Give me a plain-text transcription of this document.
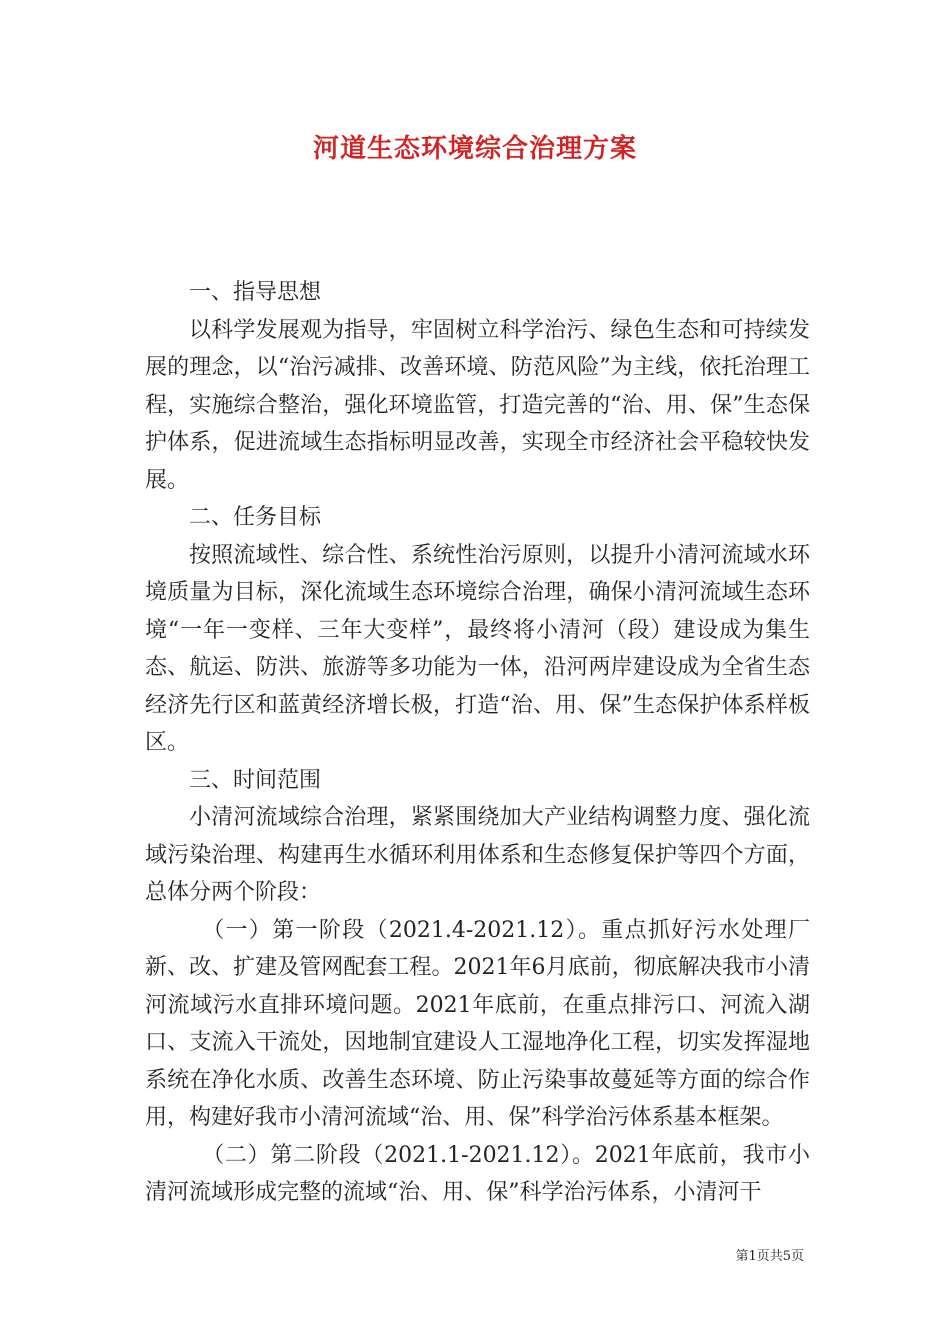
河道生态环境综合治理方案

一、指导思想

以科学发展观为指导，牢固树立科学治污、绿色生态和可持续发展的理念，以“治污减排、改善环境、防范风险”为主线，依托治理工程，实施综合整治，强化环境监管，打造完善的“治、用、保”生态保护体系，促进流域生态指标明显改善，实现全市经济社会平稳较快发展。

二、任务目标

按照流域性、综合性、系统性治污原则，以提升小清河流域水环境质量为目标，深化流域生态环境综合治理，确保小清河流域生态环境“一年一变样、三年大变样”，最终将小清河（段）建设成为集生态、航运、防洪、旅游等多功能为一体，沿河两岸建设成为全省生态经济先行区和蓝黄经济增长极，打造“治、用、保”生态保护体系样板区。

三、时间范围

小清河流域综合治理，紧紧围绕加大产业结构调整力度、强化流域污染治理、构建再生水循环利用体系和生态修复保护等四个方面，总体分两个阶段：

（一）第一阶段（2021.4-2021.12）。重点抓好污水处理厂新、改、扩建及管网配套工程。2021年6月底前，彻底解决我市小清河流域污水直排环境问题。2021年底前，在重点排污口、河流入湖口、支流入干流处，因地制宜建设人工湿地净化工程，切实发挥湿地系统在净化水质、改善生态环境、防止污染事故蔓延等方面的综合作用，构建好我市小清河流域“治、用、保”科学治污体系基本框架。

（二）第二阶段（2021.1-2021.12）。2021年底前，我市小清河流域形成完整的流域“治、用、保”科学治污体系，小清河干

第1页共5页
